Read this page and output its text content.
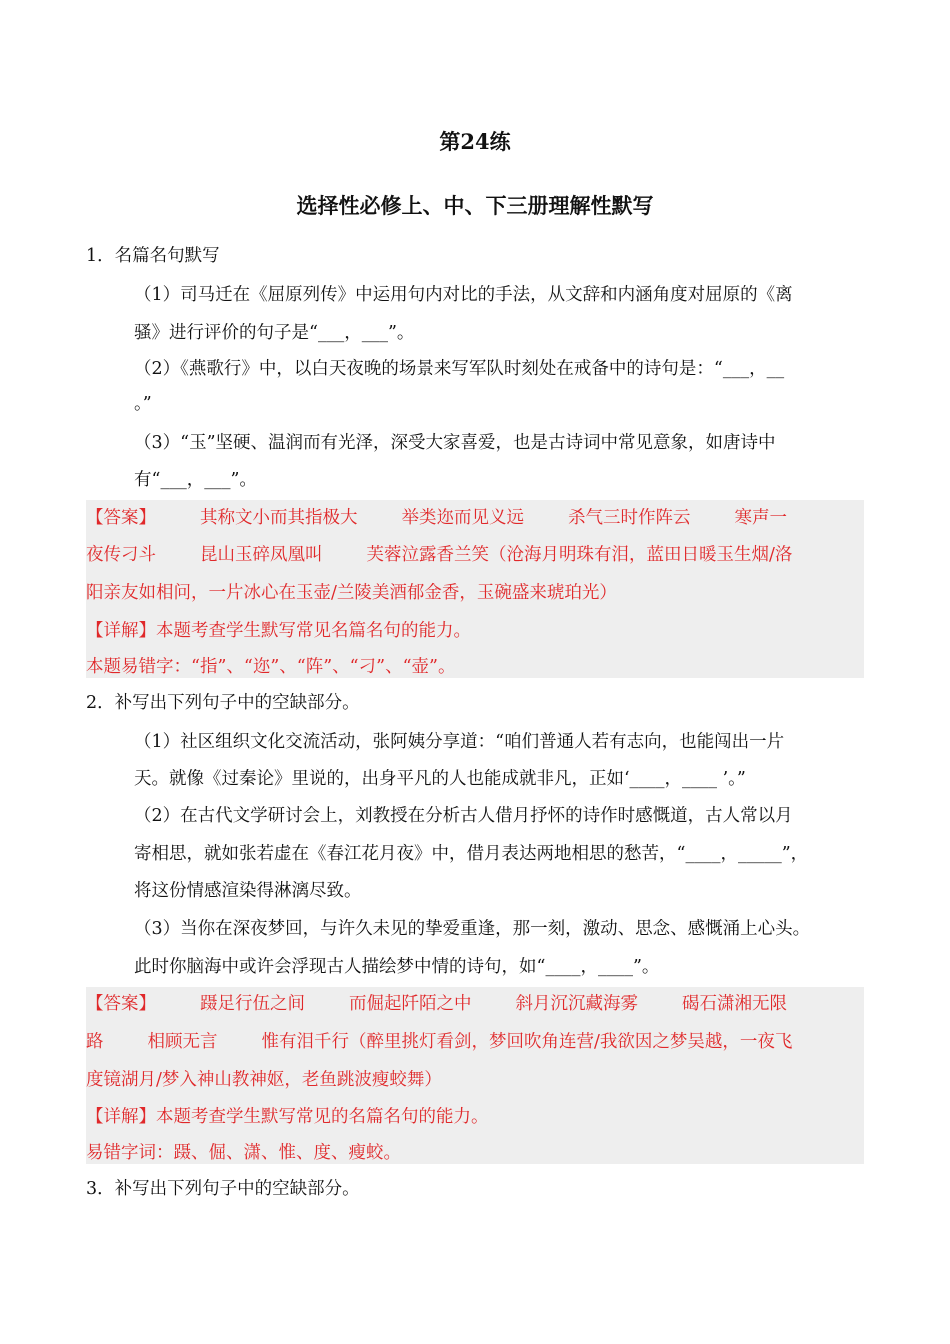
第24练
选择性必修上、中、下三册理解性默写
1．名篇名句默写
（1）司马迁在《屈原列传》中运用句内对比的手法，从文辞和内涵角度对屈原的《离
骚》进行评价的句子是“___，___”。
（2）《燕歌行》中，以白天夜晚的场景来写军队时刻处在戒备中的诗句是：“___，__
。”
（3）“玉”坚硬、温润而有光泽，深受大家喜爱，也是古诗词中常见意象，如唐诗中
有“___，___”。
【答案】	其称文小而其指极大	举类迩而见义远	杀气三时作阵云	寒声一
夜传刁斗	昆山玉碎凤凰叫	芙蓉泣露香兰笑（沧海月明珠有泪，蓝田日暖玉生烟/洛
阳亲友如相问，一片冰心在玉壶/兰陵美酒郁金香，玉碗盛来琥珀光）
【详解】本题考查学生默写常见名篇名句的能力。
本题易错字：“指”、“迩”、“阵”、“刁”、“壶”。
2．补写出下列句子中的空缺部分。
（1）社区组织文化交流活动，张阿姨分享道：“咱们普通人若有志向，也能闯出一片
天。就像《过秦论》里说的，出身平凡的人也能成就非凡，正如‘____，____ ’。”
（2）在古代文学研讨会上，刘教授在分析古人借月抒怀的诗作时感慨道，古人常以月
寄相思，就如张若虚在《春江花月夜》中，借月表达两地相思的愁苦，“____，_____”，
将这份情感渲染得淋漓尽致。
（3）当你在深夜梦回，与许久未见的挚爱重逢，那一刻，激动、思念、感慨涌上心头。
此时你脑海中或许会浮现古人描绘梦中情的诗句，如“____，____”。
【答案】	蹑足行伍之间	而倔起阡陌之中	斜月沉沉藏海雾	碣石潇湘无限
路	相顾无言	惟有泪千行（醉里挑灯看剑，梦回吹角连营/我欲因之梦吴越，一夜飞
度镜湖月/梦入神山教神妪，老鱼跳波瘦蛟舞）
【详解】本题考查学生默写常见的名篇名句的能力。
易错字词：蹑、倔、潇、惟、度、瘦蛟。
3．补写出下列句子中的空缺部分。
